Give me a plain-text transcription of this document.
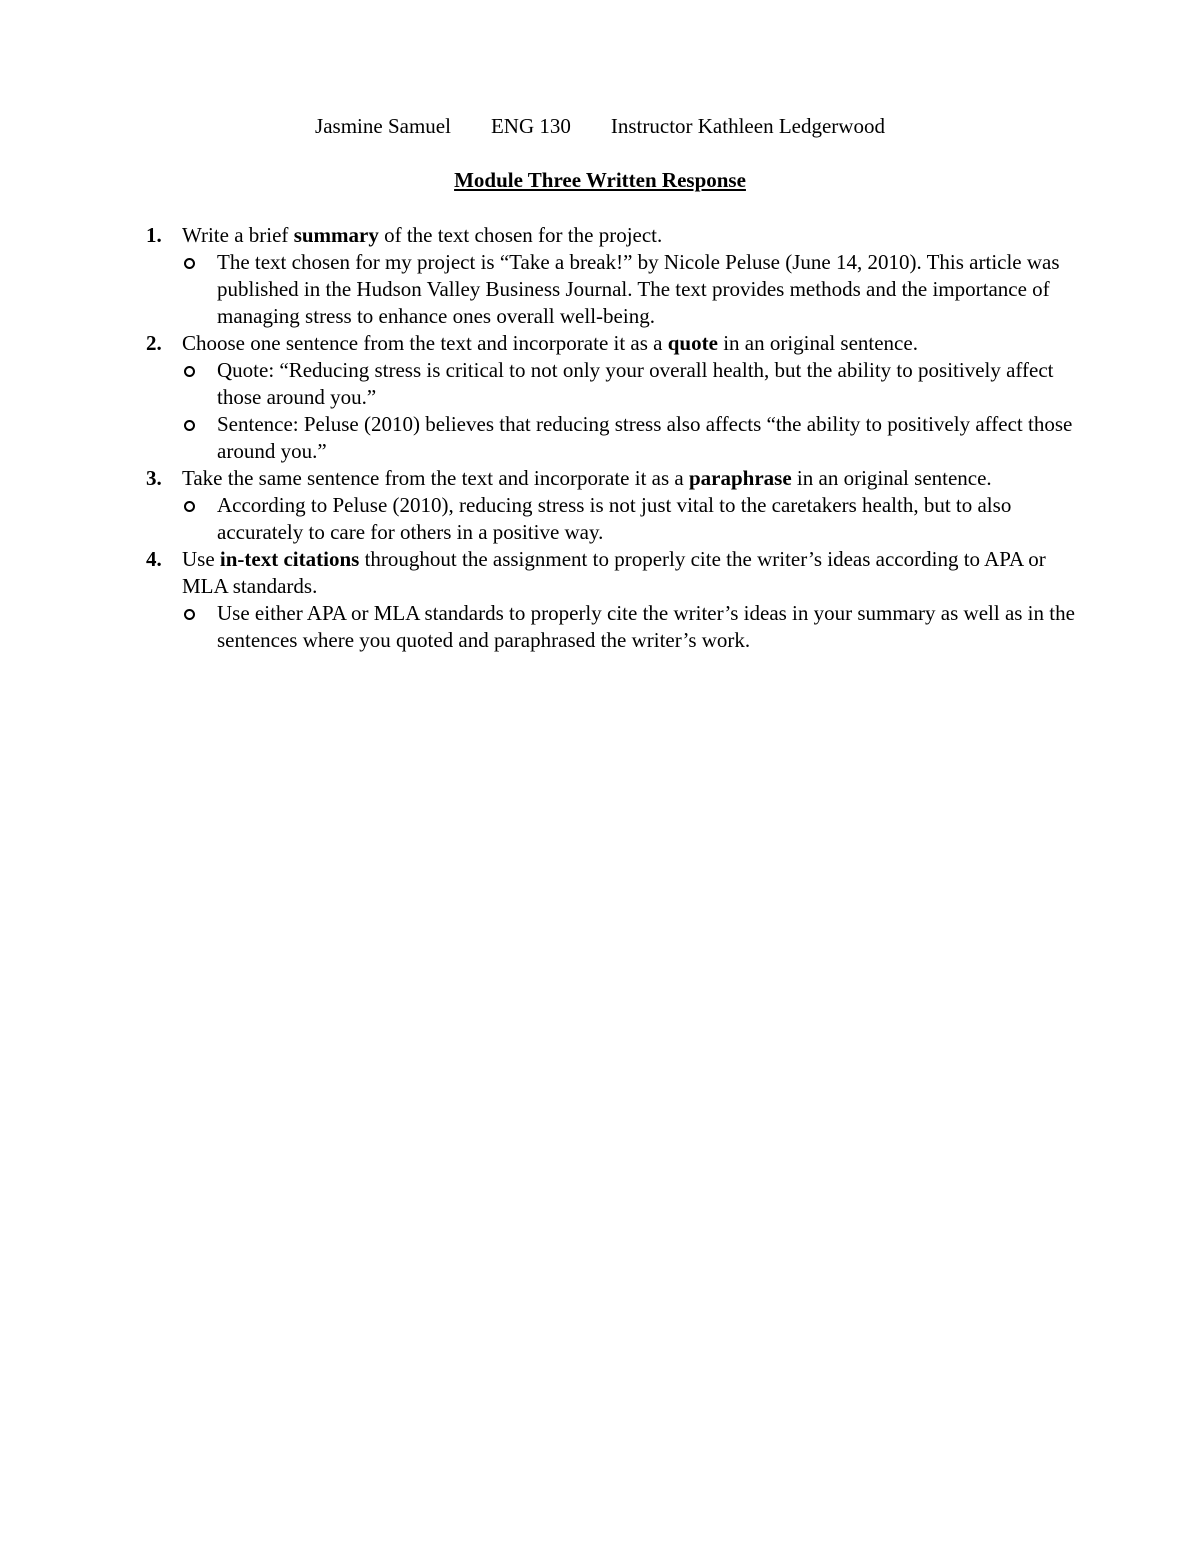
Jasmine Samuel ENG 130 Instructor Kathleen Ledgerwood
Module Three Written Response
1. Write a brief summary of the text chosen for the project.
The text chosen for my project is “Take a break!” by Nicole Peluse (June 14, 2010). This article was published in the Hudson Valley Business Journal. The text provides methods and the importance of managing stress to enhance ones overall well-being.
2. Choose one sentence from the text and incorporate it as a quote in an original sentence.
Quote: “Reducing stress is critical to not only your overall health, but the ability to positively affect those around you.”
Sentence: Peluse (2010) believes that reducing stress also affects “the ability to positively affect those around you.”
3. Take the same sentence from the text and incorporate it as a paraphrase in an original sentence.
According to Peluse (2010), reducing stress is not just vital to the caretakers health, but to also accurately to care for others in a positive way.
4. Use in-text citations throughout the assignment to properly cite the writer’s ideas according to APA or MLA standards.
Use either APA or MLA standards to properly cite the writer’s ideas in your summary as well as in the sentences where you quoted and paraphrased the writer’s work.
